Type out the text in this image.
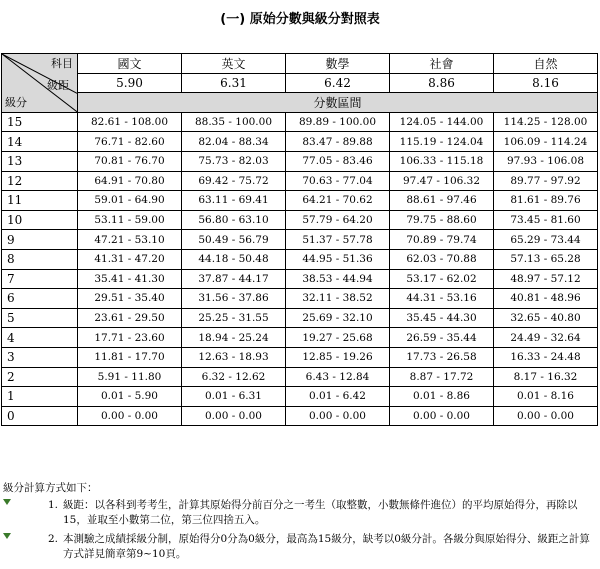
(一) 原始分數與級分對照表
科目
級距
級分	國文	英文	數學	社會	自然
	5.90	6.31	6.42	8.86	8.16
	分數區間				
15	82.61 - 108.00	88.35 - 100.00	89.89 - 100.00	124.05 - 144.00	114.25 - 128.00
14	76.71 - 82.60	82.04 - 88.34	83.47 - 89.88	115.19 - 124.04	106.09 - 114.24
13	70.81 - 76.70	75.73 - 82.03	77.05 - 83.46	106.33 - 115.18	97.93 - 106.08
12	64.91 - 70.80	69.42 - 75.72	70.63 - 77.04	97.47 - 106.32	89.77 - 97.92
11	59.01 - 64.90	63.11 - 69.41	64.21 - 70.62	88.61 - 97.46	81.61 - 89.76
10	53.11 - 59.00	56.80 - 63.10	57.79 - 64.20	79.75 - 88.60	73.45 - 81.60
9	47.21 - 53.10	50.49 - 56.79	51.37 - 57.78	70.89 - 79.74	65.29 - 73.44
8	41.31 - 47.20	44.18 - 50.48	44.95 - 51.36	62.03 - 70.88	57.13 - 65.28
7	35.41 - 41.30	37.87 - 44.17	38.53 - 44.94	53.17 - 62.02	48.97 - 57.12
6	29.51 - 35.40	31.56 - 37.86	32.11 - 38.52	44.31 - 53.16	40.81 - 48.96
5	23.61 - 29.50	25.25 - 31.55	25.69 - 32.10	35.45 - 44.30	32.65 - 40.80
4	17.71 - 23.60	18.94 - 25.24	19.27 - 25.68	26.59 - 35.44	24.49 - 32.64
3	11.81 - 17.70	12.63 - 18.93	12.85 - 19.26	17.73 - 26.58	16.33 - 24.48
2	5.91 - 11.80	6.32 - 12.62	6.43 - 12.84	8.87 - 17.72	8.17 - 16.32
1	0.01 - 5.90	0.01 - 6.31	0.01 - 6.42	0.01 - 8.86	0.01 - 8.16
0	0.00 - 0.00	0.00 - 0.00	0.00 - 0.00	0.00 - 0.00	0.00 - 0.00
級分計算方式如下：
1. 級距：以各科到考考生，計算其原始得分前百分之一考生（取整數，小數無條件進位）的平均原始得分，再除以15，並取至小數第二位，第三位四捨五入。
2. 本測驗之成績採級分制，原始得分0分為0級分，最高為15級分，缺考以0級分計。各級分與原始得分、級距之計算方式詳見簡章第9~10頁。
